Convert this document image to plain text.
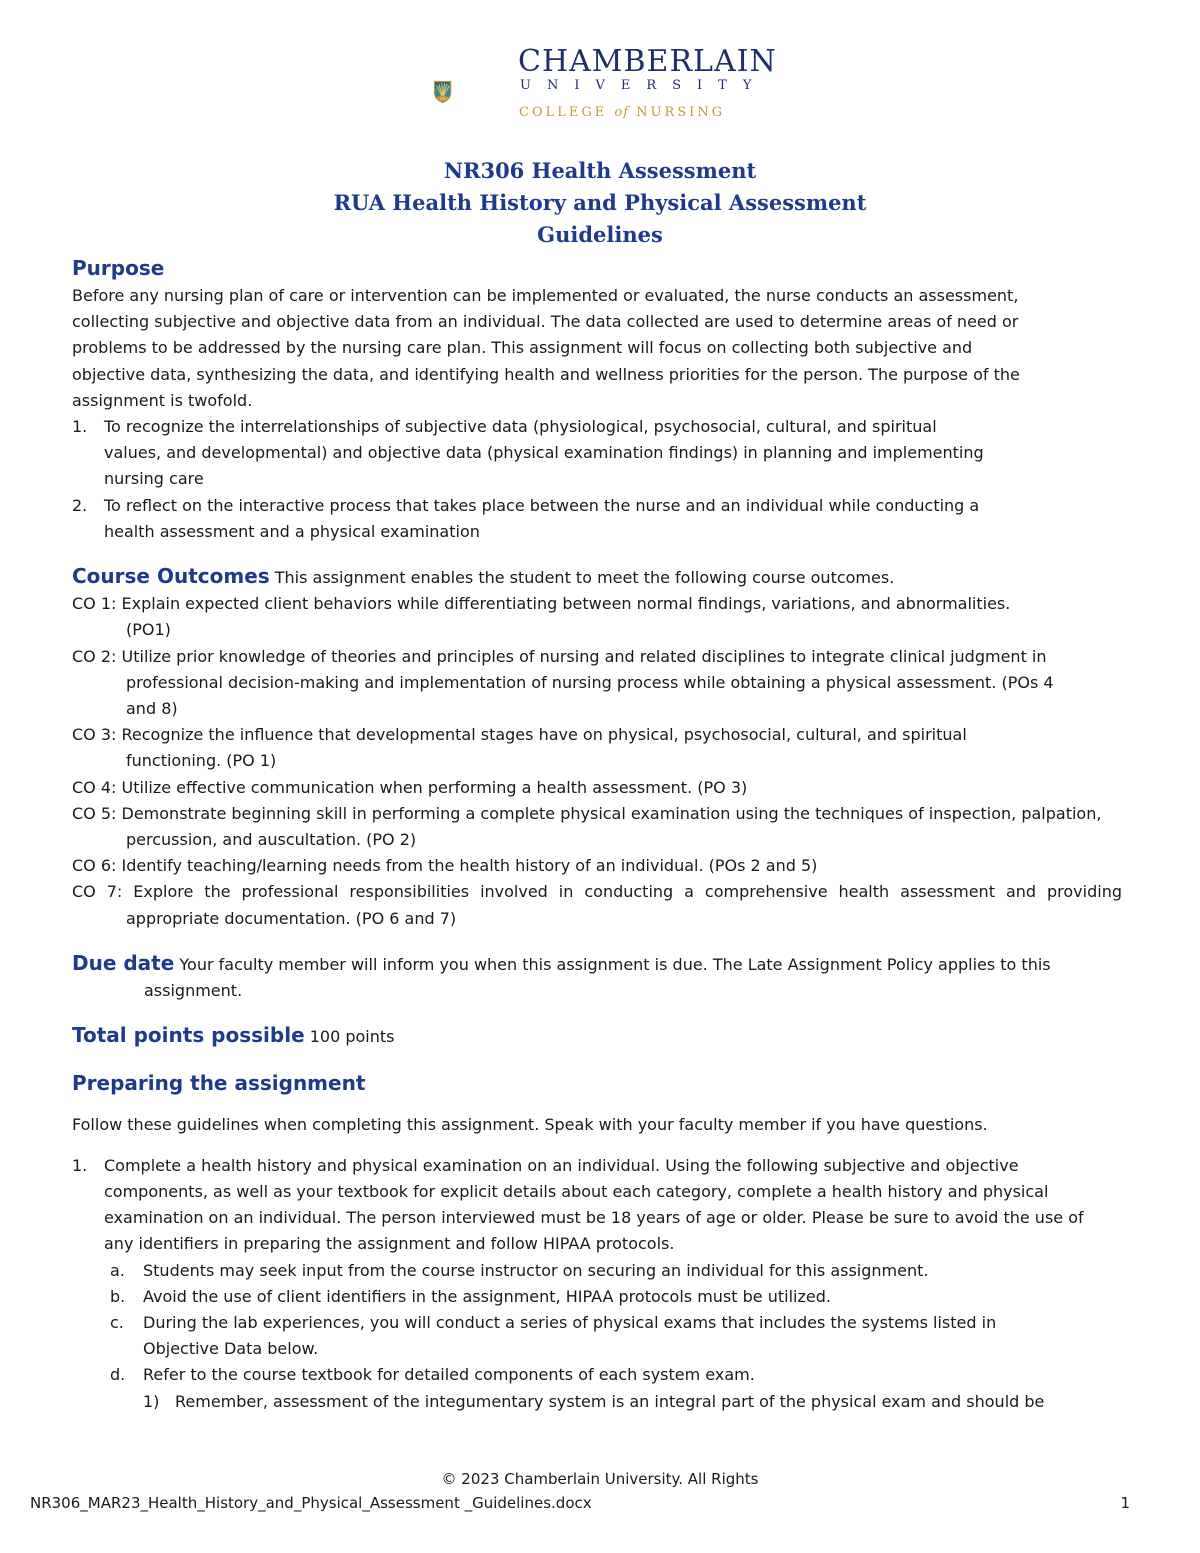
1889
CHAMBERLAIN
UNIVERSITY
COLLEGE of NURSING
NR306 Health Assessment
RUA Health History and Physical Assessment
Guidelines
Purpose

Before any nursing plan of care or intervention can be implemented or evaluated, the nurse conducts an assessment, collecting subjective and objective data from an individual. The data collected are used to determine areas of need or problems to be addressed by the nursing care plan. This assignment will focus on collecting both subjective and objective data, synthesizing the data, and identifying health and wellness priorities for the person. The purpose of the assignment is twofold.

1. To recognize the interrelationships of subjective data (physiological, psychosocial, cultural, and spiritual values, and developmental) and objective data (physical examination findings) in planning and implementing nursing care
2. To reflect on the interactive process that takes place between the nurse and an individual while conducting a health assessment and a physical examination

Course Outcomes This assignment enables the student to meet the following course outcomes.

CO 1: Explain expected client behaviors while differentiating between normal findings, variations, and abnormalities. (PO1)
CO 2: Utilize prior knowledge of theories and principles of nursing and related disciplines to integrate clinical judgment in professional decision-making and implementation of nursing process while obtaining a physical assessment. (POs 4 and 8)
CO 3: Recognize the influence that developmental stages have on physical, psychosocial, cultural, and spiritual functioning. (PO 1)
CO 4: Utilize effective communication when performing a health assessment. (PO 3)
CO 5: Demonstrate beginning skill in performing a complete physical examination using the techniques of inspection, palpation, percussion, and auscultation. (PO 2)
CO 6: Identify teaching/learning needs from the health history of an individual. (POs 2 and 5)
CO 7: Explore the professional responsibilities involved in conducting a comprehensive health assessment and providing appropriate documentation. (PO 6 and 7)

Due date Your faculty member will inform you when this assignment is due. The Late Assignment Policy applies to this

assignment.

Total points possible 100 points

Preparing the assignment

Follow these guidelines when completing this assignment. Speak with your faculty member if you have questions.

1. Complete a health history and physical examination on an individual. Using the following subjective and objective components, as well as your textbook for explicit details about each category, complete a health history and physical examination on an individual. The person interviewed must be 18 years of age or older. Please be sure to avoid the use of any identifiers in preparing the assignment and follow HIPAA protocols.
a. Students may seek input from the course instructor on securing an individual for this assignment.
b. Avoid the use of client identifiers in the assignment, HIPAA protocols must be utilized.
c. During the lab experiences, you will conduct a series of physical exams that includes the systems listed in Objective Data below.
d. Refer to the course textbook for detailed components of each system exam.
1) Remember, assessment of the integumentary system is an integral part of the physical exam and should be
© 2023 Chamberlain University. All Rights
NR306_MAR23_Health_History_and_Physical_Assessment _Guidelines.docx	1
